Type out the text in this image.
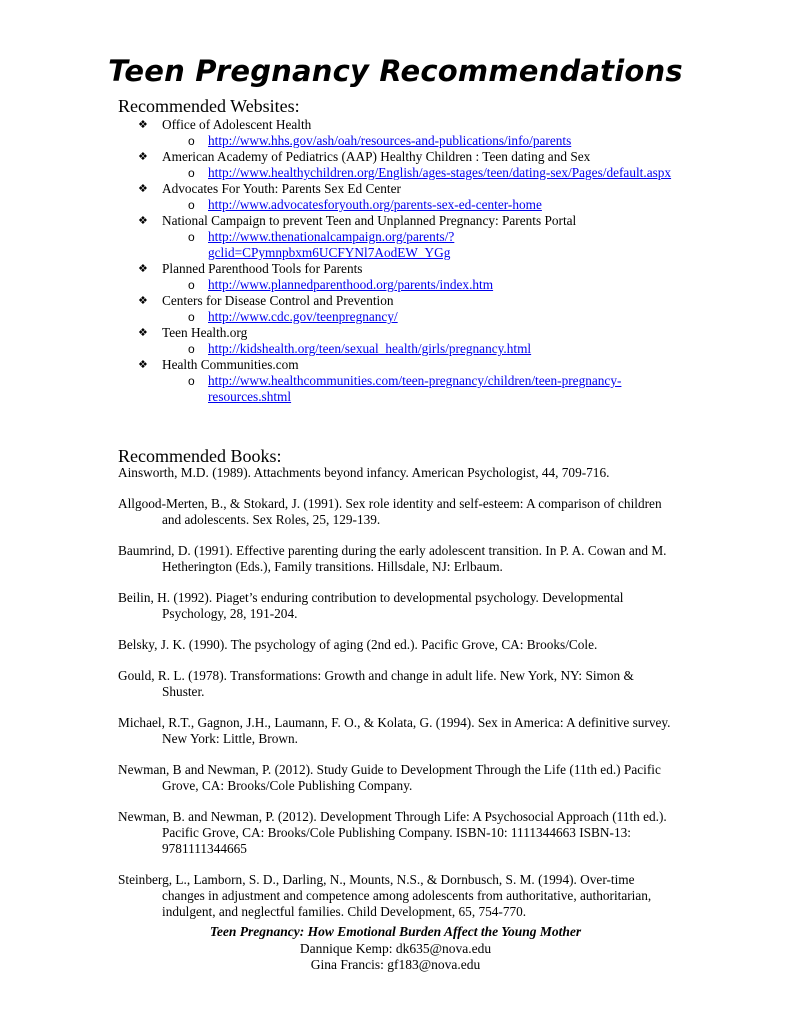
Teen Pregnancy Recommendations
Recommended Websites:
❖ Office of Adolescent Health
o http://www.hhs.gov/ash/oah/resources-and-publications/info/parents
❖ American Academy of Pediatrics (AAP) Healthy Children : Teen dating and Sex
o http://www.healthychildren.org/English/ages-stages/teen/dating-sex/Pages/default.aspx
❖ Advocates For Youth: Parents Sex Ed Center
o http://www.advocatesforyouth.org/parents-sex-ed-center-home
❖ National Campaign to prevent Teen and Unplanned Pregnancy: Parents Portal
o http://www.thenationalcampaign.org/parents/?gclid=CPymnpbxm6UCFYNl7AodEW_YGg
❖ Planned Parenthood Tools for Parents
o http://www.plannedparenthood.org/parents/index.htm
❖ Centers for Disease Control and Prevention
o http://www.cdc.gov/teenpregnancy/
❖ Teen Health.org
o http://kidshealth.org/teen/sexual_health/girls/pregnancy.html
❖ Health Communities.com
o http://www.healthcommunities.com/teen-pregnancy/children/teen-pregnancy-resources.shtml
Recommended Books:

Ainsworth, M.D. (1989). Attachments beyond infancy. American Psychologist, 44, 709-716.

Allgood-Merten, B., & Stokard, J. (1991). Sex role identity and self-esteem: A comparison of children and adolescents. Sex Roles, 25, 129-139.

Baumrind, D. (1991). Effective parenting during the early adolescent transition. In P. A. Cowan and M. Hetherington (Eds.), Family transitions. Hillsdale, NJ: Erlbaum.

Beilin, H. (1992). Piaget’s enduring contribution to developmental psychology. Developmental Psychology, 28, 191-204.

Belsky, J. K. (1990). The psychology of aging (2nd ed.). Pacific Grove, CA: Brooks/Cole.

Gould, R. L. (1978). Transformations: Growth and change in adult life. New York, NY: Simon & Shuster.

Michael, R.T., Gagnon, J.H., Laumann, F. O., & Kolata, G. (1994). Sex in America: A definitive survey. New York: Little, Brown.

Newman, B and Newman, P. (2012). Study Guide to Development Through the Life (11th ed.) Pacific Grove, CA: Brooks/Cole Publishing Company.

Newman, B. and Newman, P. (2012). Development Through Life: A Psychosocial Approach (11th ed.). Pacific Grove, CA: Brooks/Cole Publishing Company. ISBN-10: 1111344663 ISBN-13: 9781111344665

Steinberg, L., Lamborn, S. D., Darling, N., Mounts, N.S., & Dornbusch, S. M. (1994). Over-time changes in adjustment and competence among adolescents from authoritative, authoritarian, indulgent, and neglectful families. Child Development, 65, 754-770.

Teen Pregnancy: How Emotional Burden Affect the Young Mother
Dannique Kemp: dk635@nova.edu
Gina Francis: gf183@nova.edu
